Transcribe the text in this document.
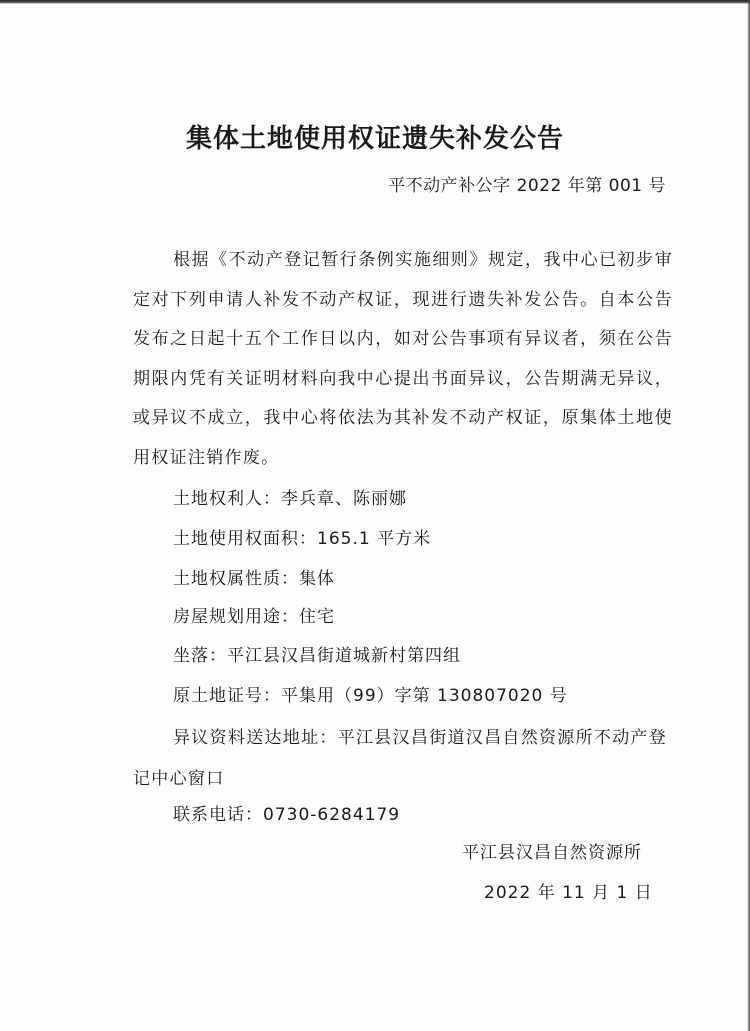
集体土地使用权证遗失补发公告
平不动产补公字 2022 年第 001 号

根据《不动产登记暂行条例实施细则》规定，我中心已初步审定对下列申请人补发不动产权证，现进行遗失补发公告。自本公告发布之日起十五个工作日以内，如对公告事项有异议者，须在公告期限内凭有关证明材料向我中心提出书面异议，公告期满无异议，或异议不成立，我中心将依法为其补发不动产权证，原集体土地使用权证注销作废。

土地权利人：李兵章、陈丽娜
土地使用权面积：165.1 平方米
土地权属性质：集体
房屋规划用途：住宅
坐落：平江县汉昌街道城新村第四组
原土地证号：平集用（99）字第 130807020 号

异议资料送达地址：平江县汉昌街道汉昌自然资源所不动产登记中心窗口

联系电话：0730-6284179
平江县汉昌自然资源所
2022 年 11 月 1 日
